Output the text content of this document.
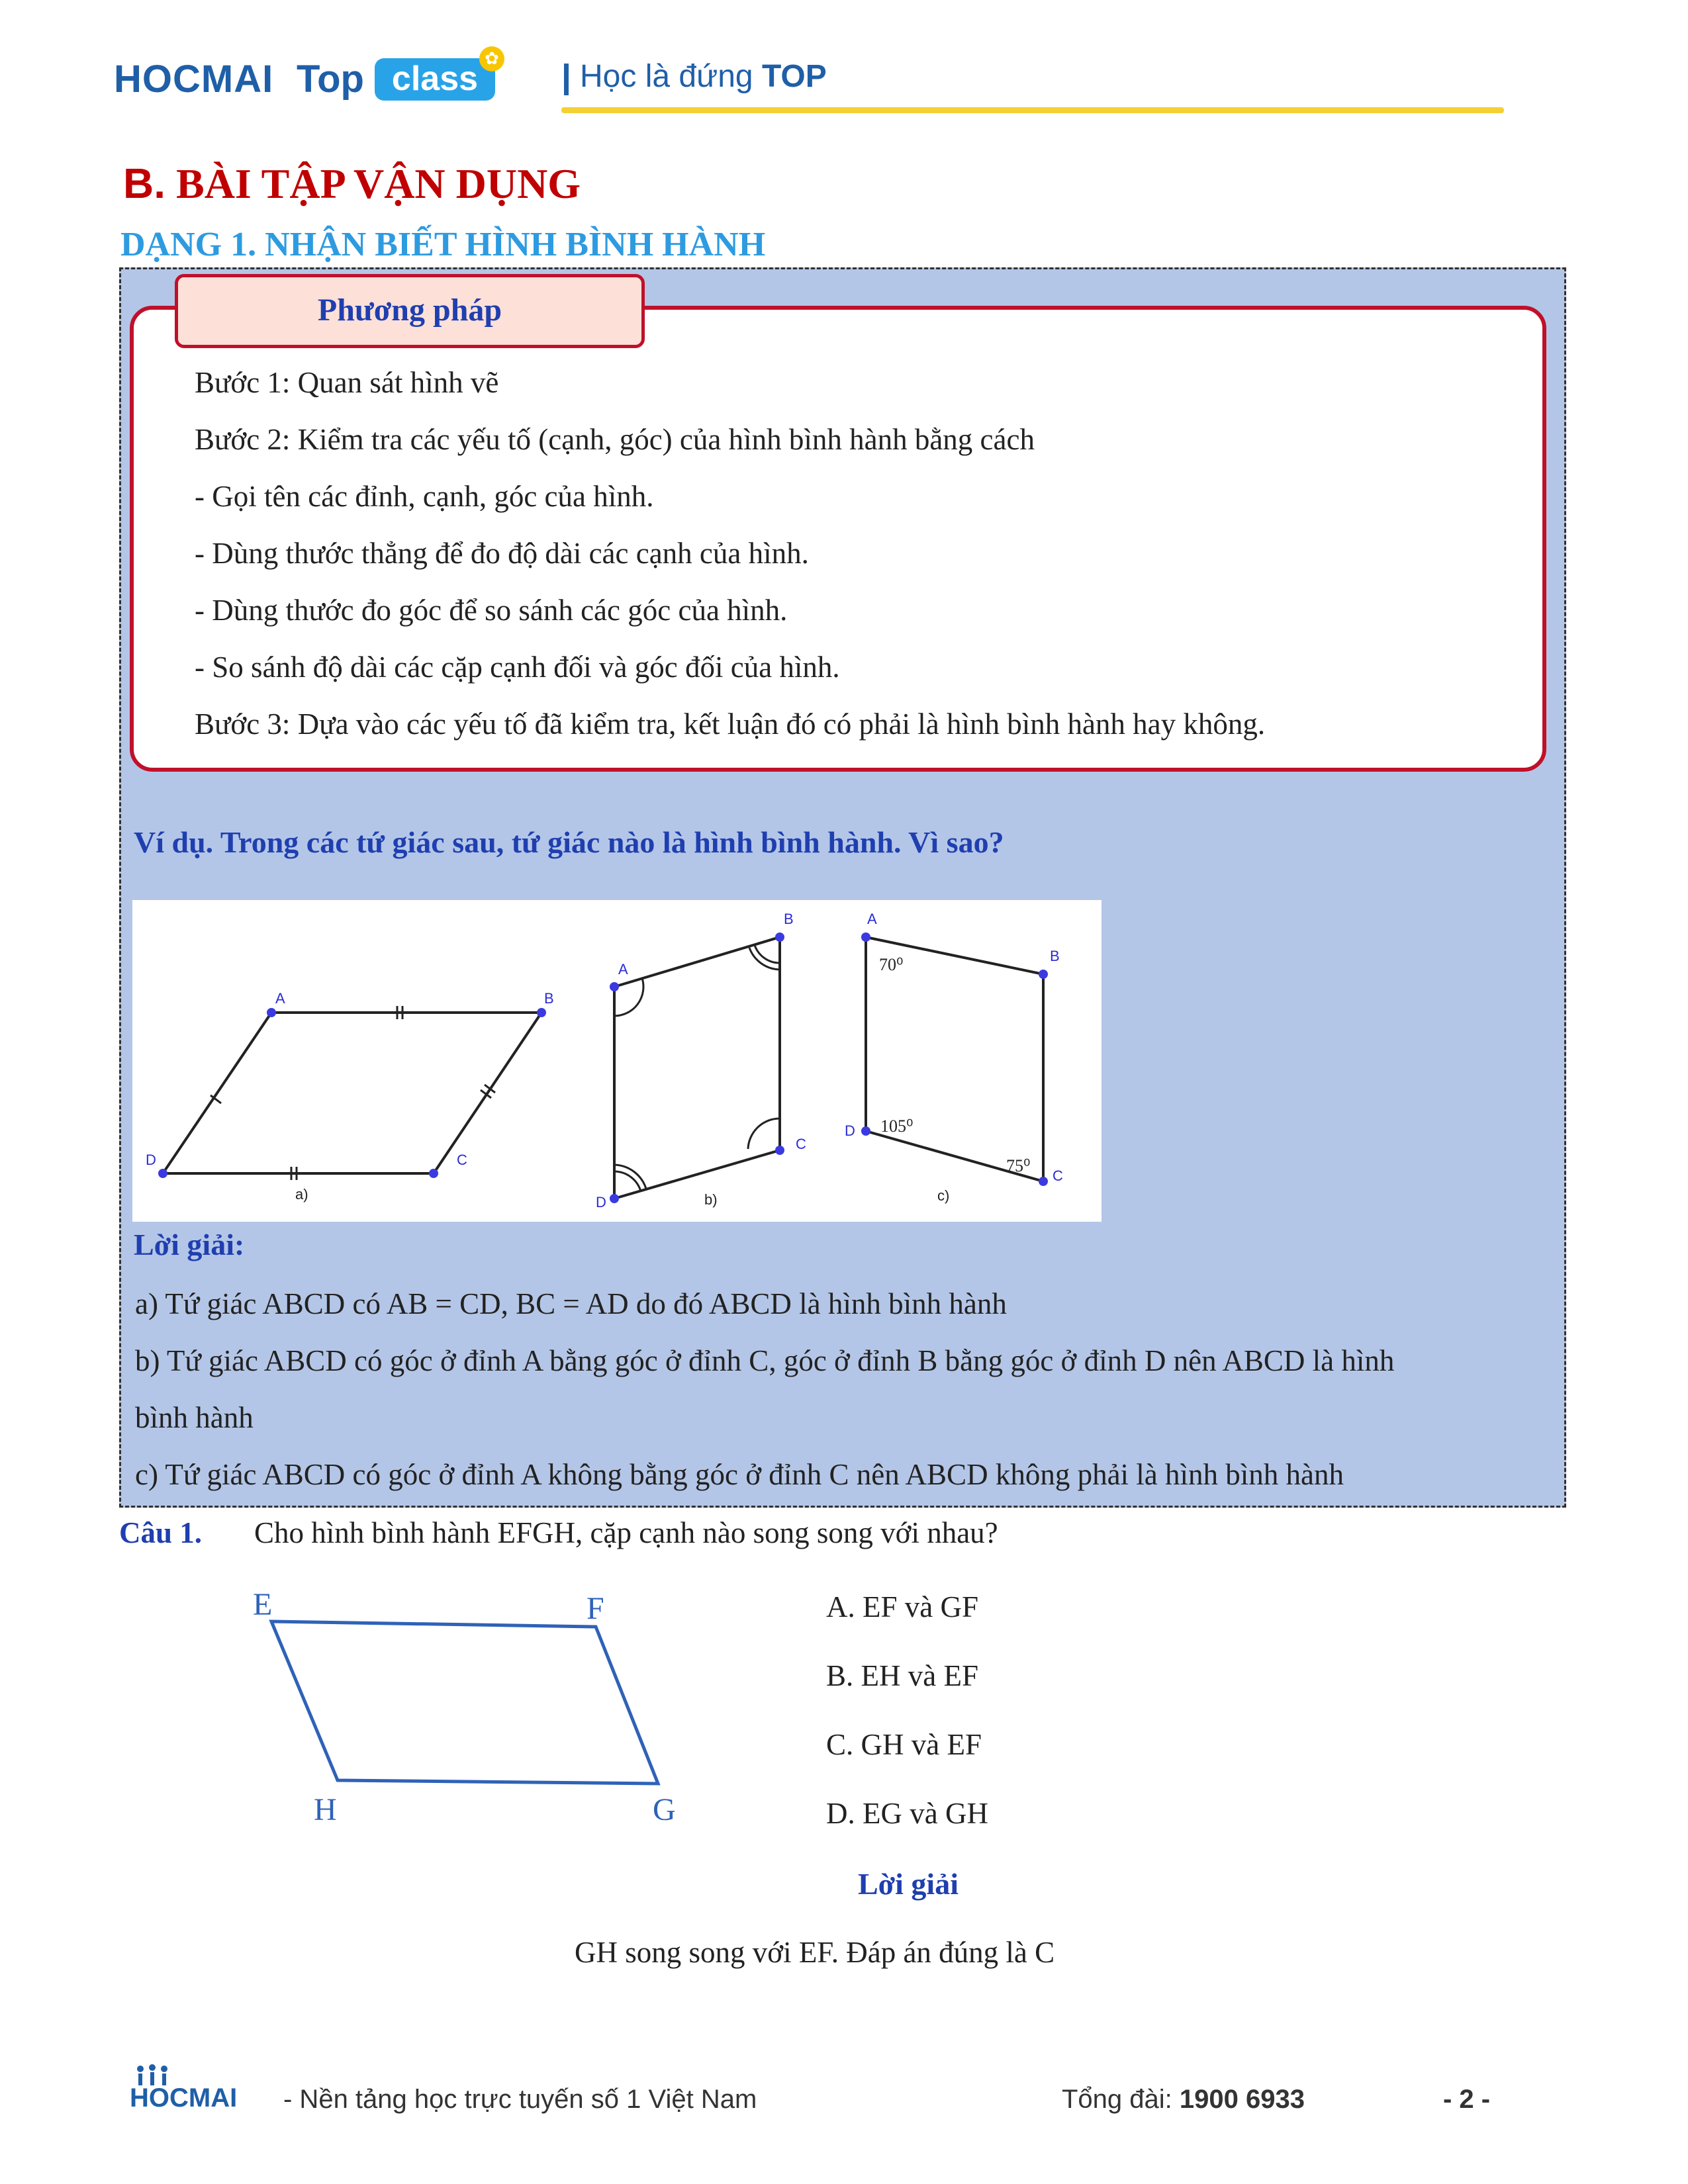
HOCMAI Top class
✿	Học là đứng TOP
B. BÀI TẬP VẬN DỤNG
DẠNG 1. NHẬN BIẾT HÌNH BÌNH HÀNH
Phương pháp
Bước 1: Quan sát hình vẽ
Bước 2: Kiểm tra các yếu tố (cạnh, góc) của hình bình hành bằng cách
- Gọi tên các đỉnh, cạnh, góc của hình.
- Dùng thước thẳng để đo độ dài các cạnh của hình.
- Dùng thước đo góc để so sánh các góc của hình.
- So sánh độ dài các cặp cạnh đối và góc đối của hình.
Bước 3: Dựa vào các yếu tố đã kiểm tra, kết luận đó có phải là hình bình hành hay không.
Ví dụ. Trong các tứ giác sau, tứ giác nào là hình bình hành. Vì sao?
A	B
C
D
a)
A
B
C
D	b)
A
B
C
D
70⁰
105⁰
75⁰
c)
Lời giải:
a) Tứ giác ABCD có AB = CD, BC = AD do đó ABCD là hình bình hành
b) Tứ giác ABCD có góc ở đỉnh A bằng góc ở đỉnh C, góc ở đỉnh B bằng góc ở đỉnh D nên ABCD là hình
bình hành
c) Tứ giác ABCD có góc ở đỉnh A không bằng góc ở đỉnh C nên ABCD không phải là hình bình hành
Câu 1. Cho hình bình hành EFGH, cặp cạnh nào song song với nhau?
E	F
G
H
A. EF và GF
B. EH và EF
C. GH và EF
D. EG và GH
Lời giải
GH song song với EF. Đáp án đúng là C
HOCMAI - Nền tảng học trực tuyến số 1 Việt Nam	Tổng đài: 1900 6933	- 2 -
